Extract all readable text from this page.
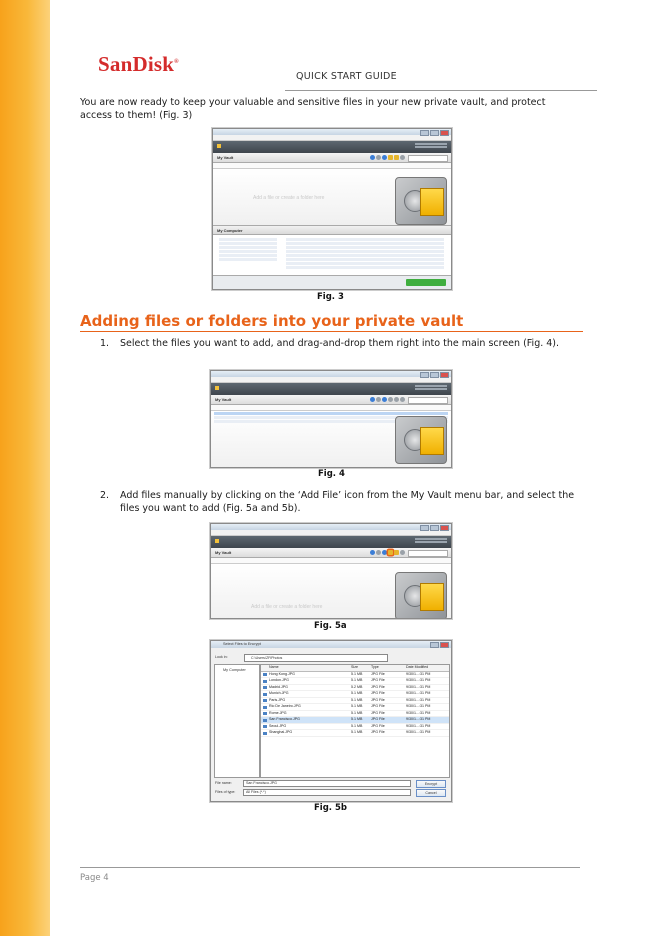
SanDisk®
QUICK START GUIDE
You are now ready to keep your valuable and sensitive files in your new private vault, and protect access to them! (Fig. 3)
My Vault
Add a file or create a folder here
My Computer
Fig. 3
Adding files or folders into your private vault
1. Select the files you want to add, and drag-and-drop them right into the main screen (Fig. 4).
My Vault
Fig. 4
2. Add files manually by clicking on the ‘Add File’ icon from the My Vault menu bar, and select the files you want to add (Fig. 5a and 5b).
My Vault
Add a file or create a folder here
Fig. 5a
Select Files to Encrypt
Look in:	C:\Users\ZFiPhotos
My Computer
Name	Size	Type	Date Modified
Hong Kong.JPG	5.1 MB JPG File	9/30/1...:31 PM
London.JPG	5.1 MB JPG File	9/30/1...:31 PM
Madrid.JPG	5.2 MB JPG File	9/30/1...:31 PM
Munich.JPG	5.1 MB JPG File	9/30/1...:31 PM
Paris.JPG	5.1 MB JPG File	9/30/1...:31 PM
Rio De Janeiro.JPG	5.1 MB JPG File	9/30/1...:31 PM
Rome.JPG	5.1 MB JPG File	9/30/1...:31 PM
San Francisco.JPG	5.1 MB JPG File	9/30/1...:31 PM
Seoul.JPG	5.1 MB JPG File	9/30/1...:31 PM
Shanghai.JPG	5.1 MB JPG File	9/30/1...:31 PM
File name:	San Francisco.JPG	Encrypt
Files of type:	All Files (*.*)	Cancel
Fig. 5b
Page 4
